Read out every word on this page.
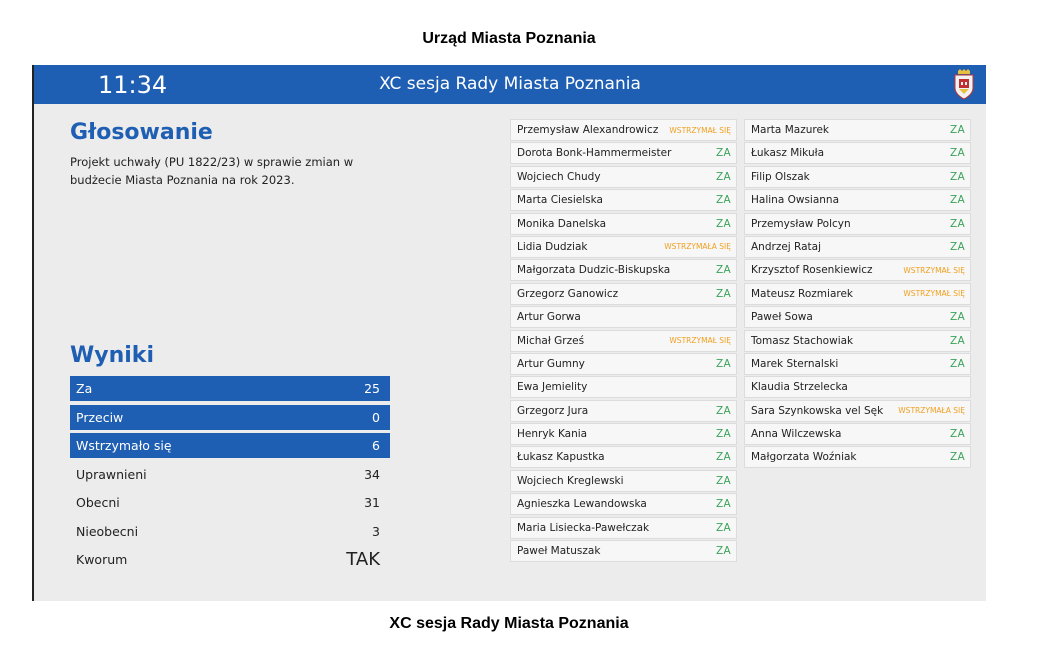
Urząd Miasta Poznania
11:34	XC sesja Rady Miasta Poznania
Głosowanie
Projekt uchwały (PU 1822/23) w sprawie zmian w budżecie Miasta Poznania na rok 2023.
Wyniki
Za	25
Przeciw	0
Wstrzymało się	6
Uprawnieni	34
Obecni	31
Nieobecni	3
Kworum	TAK
Przemysław Alexandrowicz WSTRZYMAŁ SIĘ
Dorota Bonk-Hammermeister	ZA
Wojciech Chudy	ZA
Marta Ciesielska	ZA
Monika Danelska	ZA
Lidia Dudziak	WSTRZYMAŁA SIĘ
Małgorzata Dudzic-Biskupska	ZA
Grzegorz Ganowicz	ZA
Artur Gorwa
Michał Grześ	WSTRZYMAŁ SIĘ
Artur Gumny	ZA
Ewa Jemielity
Grzegorz Jura	ZA
Henryk Kania	ZA
Łukasz Kapustka	ZA
Wojciech Kreglewski	ZA
Agnieszka Lewandowska	ZA
Maria Lisiecka-Pawełczak	ZA
Paweł Matuszak	ZA
Marta Mazurek	ZA
Łukasz Mikuła	ZA
Filip Olszak	ZA
Halina Owsianna	ZA
Przemysław Polcyn	ZA
Andrzej Rataj	ZA
Krzysztof Rosenkiewicz	WSTRZYMAŁ SIĘ
Mateusz Rozmiarek	WSTRZYMAŁ SIĘ
Paweł Sowa	ZA
Tomasz Stachowiak	ZA
Marek Sternalski	ZA
Klaudia Strzelecka
Sara Szynkowska vel Sęk WSTRZYMAŁA SIĘ
Anna Wilczewska	ZA
Małgorzata Woźniak	ZA
XC sesja Rady Miasta Poznania
